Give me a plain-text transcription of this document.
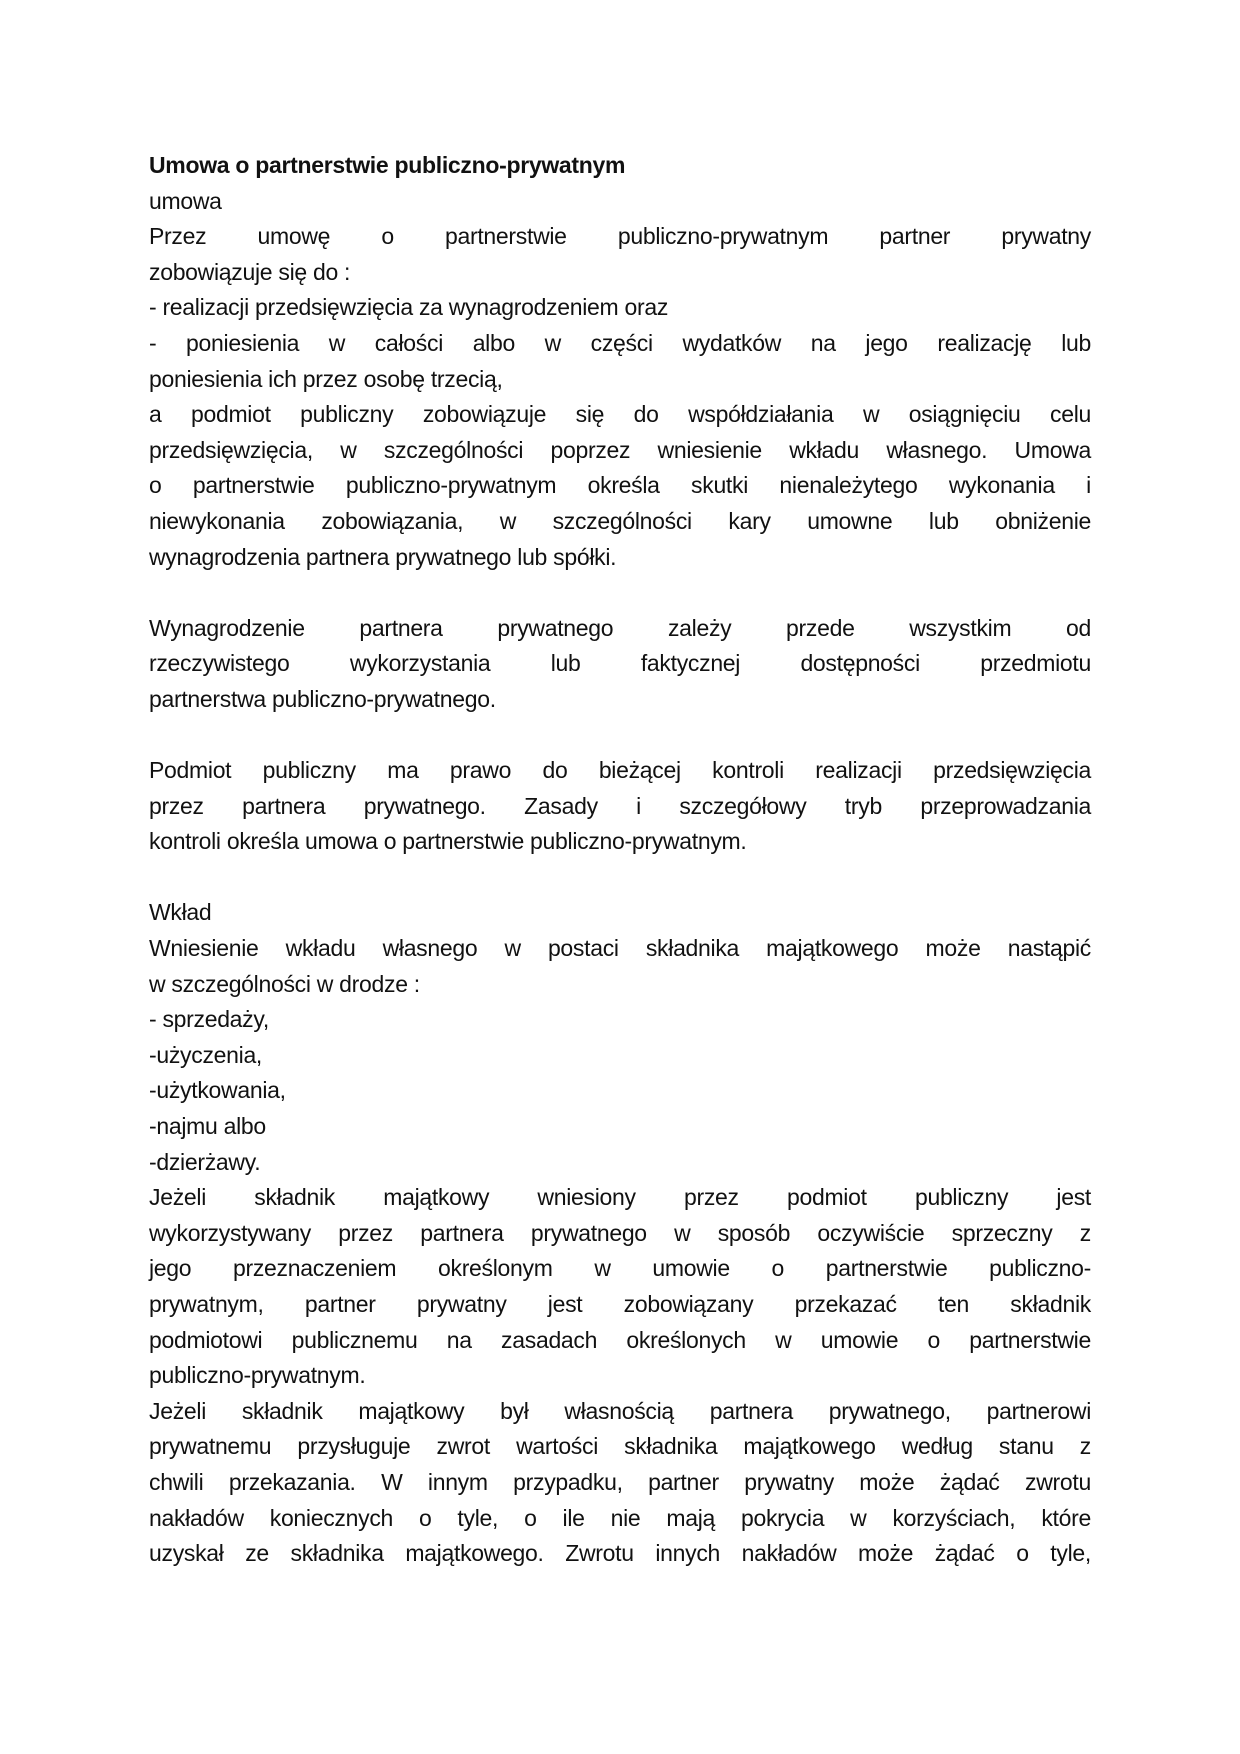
Umowa o partnerstwie publiczno-prywatnym
umowa
Przez umowę o partnerstwie publiczno-prywatnym partner prywatny
zobowiązuje się do :
- realizacji przedsięwzięcia za wynagrodzeniem oraz
- poniesienia w całości albo w części wydatków na jego realizację lub
poniesienia ich przez osobę trzecią,
a podmiot publiczny zobowiązuje się do współdziałania w osiągnięciu celu
przedsięwzięcia, w szczególności poprzez wniesienie wkładu własnego. Umowa
o partnerstwie publiczno-prywatnym określa skutki nienależytego wykonania i
niewykonania zobowiązania, w szczególności kary umowne lub obniżenie
wynagrodzenia partnera prywatnego lub spółki.
Wynagrodzenie partnera prywatnego zależy przede wszystkim od
rzeczywistego wykorzystania lub faktycznej dostępności przedmiotu
partnerstwa publiczno-prywatnego.
Podmiot publiczny ma prawo do bieżącej kontroli realizacji przedsięwzięcia
przez partnera prywatnego. Zasady i szczegółowy tryb przeprowadzania
kontroli określa umowa o partnerstwie publiczno-prywatnym.
Wkład
Wniesienie wkładu własnego w postaci składnika majątkowego może nastąpić
w szczególności w drodze :
- sprzedaży,
-użyczenia,
-użytkowania,
-najmu albo
-dzierżawy.
Jeżeli składnik majątkowy wniesiony przez podmiot publiczny jest
wykorzystywany przez partnera prywatnego w sposób oczywiście sprzeczny z
jego przeznaczeniem określonym w umowie o partnerstwie publiczno-
prywatnym, partner prywatny jest zobowiązany przekazać ten składnik
podmiotowi publicznemu na zasadach określonych w umowie o partnerstwie
publiczno-prywatnym.
Jeżeli składnik majątkowy był własnością partnera prywatnego, partnerowi
prywatnemu przysługuje zwrot wartości składnika majątkowego według stanu z
chwili przekazania. W innym przypadku, partner prywatny może żądać zwrotu
nakładów koniecznych o tyle, o ile nie mają pokrycia w korzyściach, które
uzyskał ze składnika majątkowego. Zwrotu innych nakładów może żądać o tyle,
